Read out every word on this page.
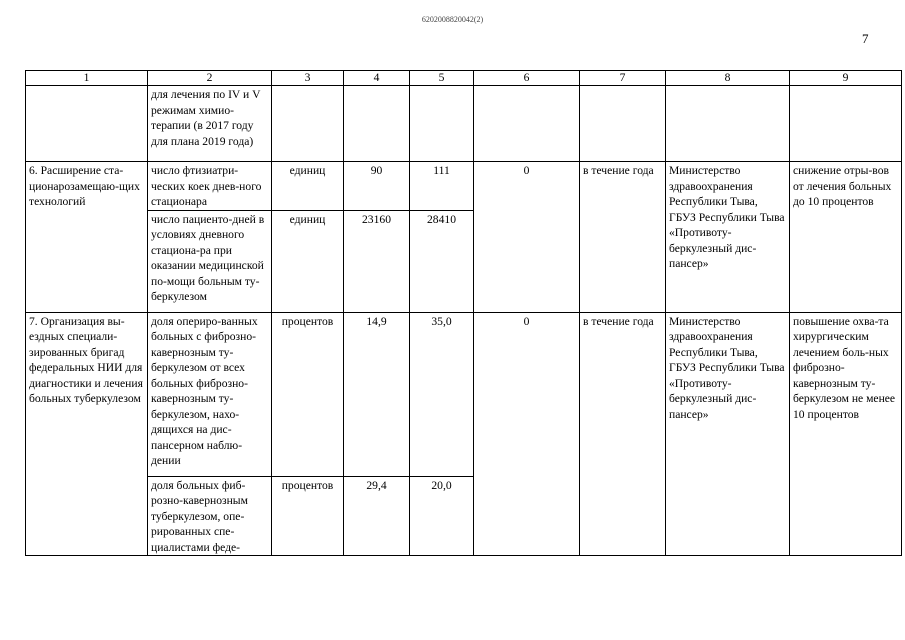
6202008820042(2)
7
1	2	3	4	5	6	7	8	9
	для лечения по IV и V режимам химио-терапии (в 2017 году для плана 2019 года)							
6. Расширение ста-ционарозамещаю-щих технологий	число фтизиатри-ческих коек днев-ного стационара	единиц	90	111	0	в течение года	Министерство здравоохранения Республики Тыва, ГБУЗ Республики Тыва «Противоту-беркулезный дис-пансер»	снижение отры-вов от лечения больных до 10 процентов
	число пациенто-дней в условиях дневного стациона-ра при оказании медицинской по-мощи больным ту-беркулезом	единиц	23160	28410				
7. Организация вы-ездных специали-зированных бригад федеральных НИИ для диагностики и лечения больных туберкулезом	доля опериро-ванных больных с фиброзно-кавернозным ту-беркулезом от всех больных фиброзно-кавернозным ту-беркулезом, нахо-дящихся на дис-пансерном наблю-дении	процентов	14,9	35,0	0	в течение года	Министерство здравоохранения Республики Тыва, ГБУЗ Республики Тыва «Противоту-беркулезный дис-пансер»	повышение охва-та хирургическим лечением боль-ных фиброзно-кавернозным ту-беркулезом не менее 10 процентов
	доля больных фиб-розно-кавернозным туберкулезом, опе-рированных спе-циалистами феде-	процентов	29,4	20,0				
